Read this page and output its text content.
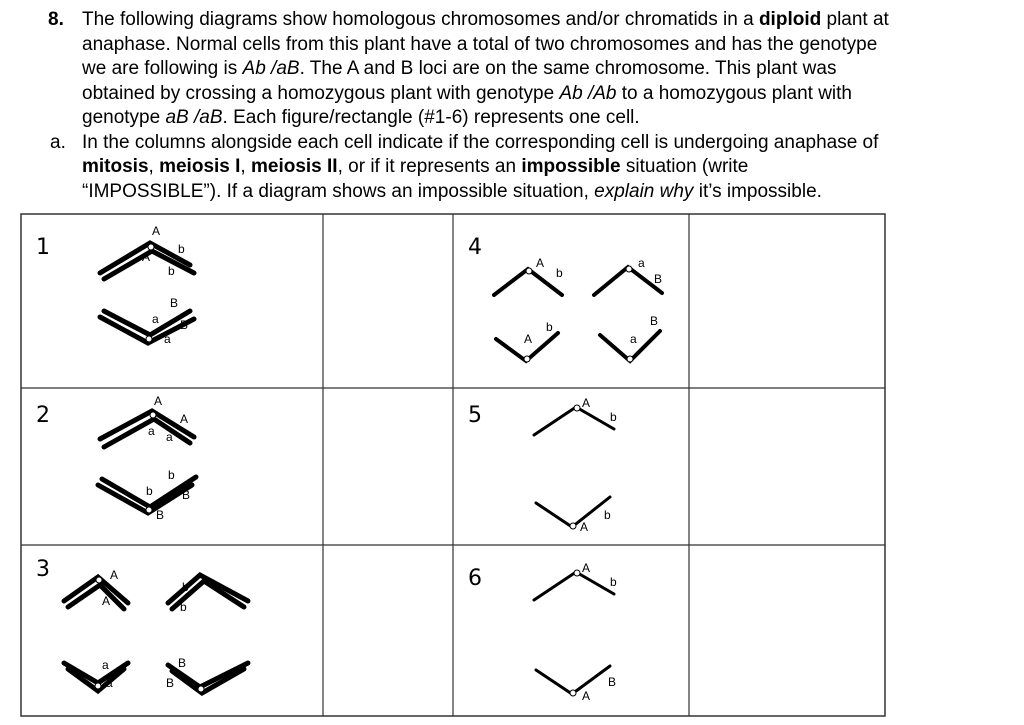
8. The following diagrams show homologous chromosomes and/or chromatids in a diploid plant at
anaphase. Normal cells from this plant have a total of two chromosomes and has the genotype
we are following is Ab /aB. The A and B loci are on the same chromosome. This plant was
obtained by crossing a homozygous plant with genotype Ab /Ab to a homozygous plant with
genotype aB /aB. Each figure/rectangle (#1-6) represents one cell.
a. In the columns alongside each cell indicate if the corresponding cell is undergoing anaphase of
mitosis, meiosis I, meiosis II, or if it represents an impossible situation (write
“IMPOSSIBLE”). If a diagram shows an impossible situation, explain why it’s impossible.
1
2
3
4
5
6
A
A
b
b
B
B
a
a
A
A
a a
b
b B
B
A
A
b
b
a
a
B
B
A
b
a
B
A
b
a
B
A
b
A
b
A
b
A
B
